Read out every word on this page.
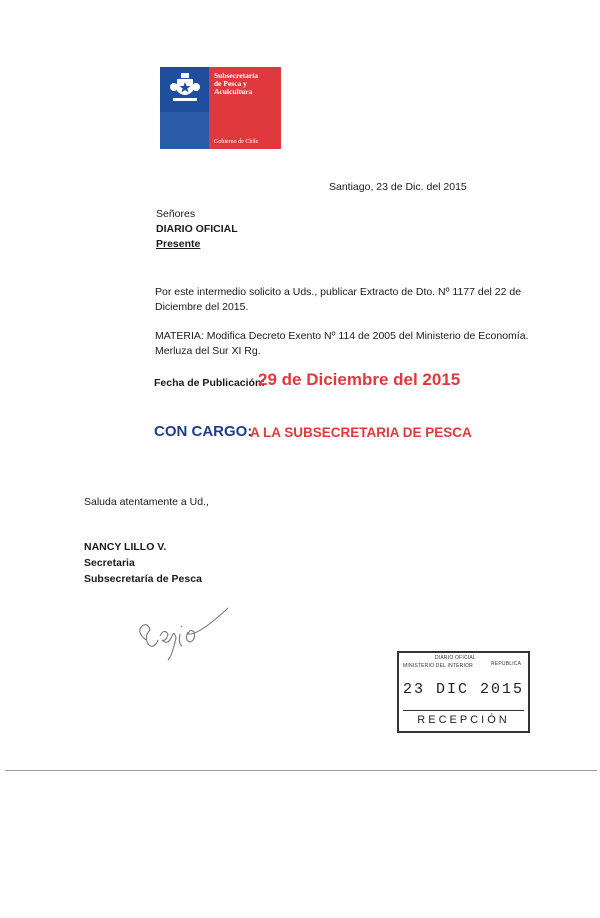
Subsecretaría
de Pesca y
Acuicultura
Gobierno de Chile
Santiago, 23 de Dic. del 2015
Señores
DIARIO OFICIAL
Presente
Por este intermedio solicito a Uds., publicar Extracto de Dto. Nº 1177 del 22 de
Diciembre del 2015.
MATERIA: Modifica Decreto Exento Nº 114 de 2005 del Ministerio de Economía.
Merluza del Sur XI Rg.
Fecha de Publicación:
29 de Diciembre del 2015
CON CARGO:
A LA SUBSECRETARIA DE PESCA
Saluda atentamente a Ud.,
NANCY LILLO V.
Secretaria
Subsecretaría de Pesca
MINISTERIO DEL INTERIOR
DIARIO OFICIAL
REPUBLICA
23 DIC 2015
RECEPCIÓN
